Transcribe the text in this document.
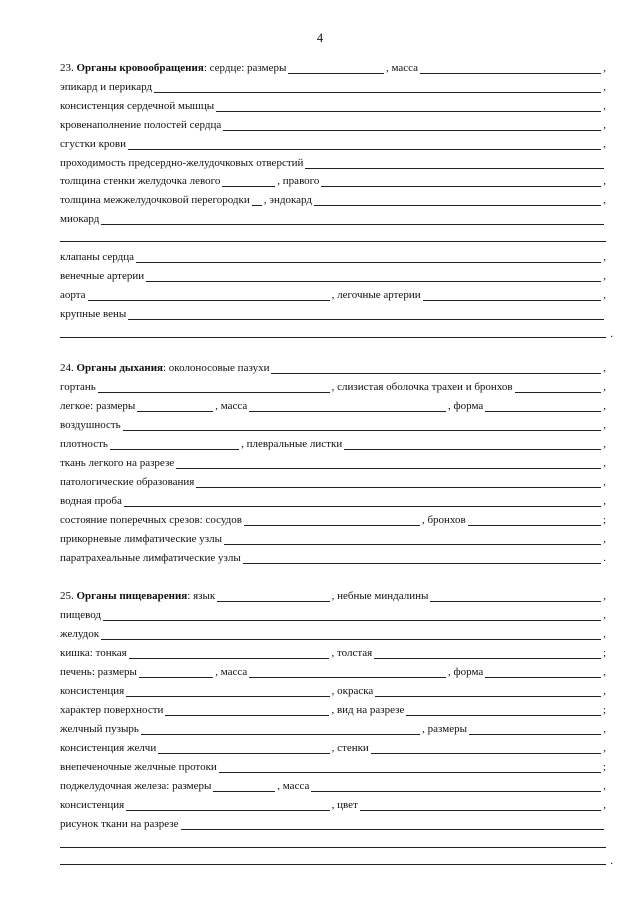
4
23. Органы кровообращения: сердце: размеры	, масса	,
эпикард и перикард	,
консистенция сердечной мышцы	,
кровенаполнение полостей сердца	,
сгустки крови	,
проходимость предсердно-желудочковых отверстий
толщина стенки желудочка левого	, правого	,
толщина межжелудочковой перегородки , эндокард	,
миокард
клапаны сердца	,
венечные артерии	,
аорта	, легочные артерии	,
крупные вены
.
24. Органы дыхания: околоносовые пазухи	,
гортань	, слизистая оболочка трахеи и бронхов	,
легкое: размеры	, масса	, форма	,
воздушность	,
плотность	, плевральные листки	,
ткань легкого на разрезе	,
патологические образования	,
водная проба	,
состояние поперечных срезов: сосудов	, бронхов	;
прикорневые лимфатические узлы	,
паратрахеальные лимфатические узлы	.
25. Органы пищеварения: язык	, небные миндалины	,
пищевод	,
желудок	,
кишка: тонкая	, толстая	;
печень: размеры	, масса	, форма	,
консистенция	, окраска	,
характер поверхности	, вид на разрезе	;
желчный пузырь	, размеры	,
консистенция желчи	, стенки	,
внепеченочные желчные протоки	;
поджелудочная железа: размеры	, масса	,
консистенция	, цвет	,
рисунок ткани на разрезе
.
